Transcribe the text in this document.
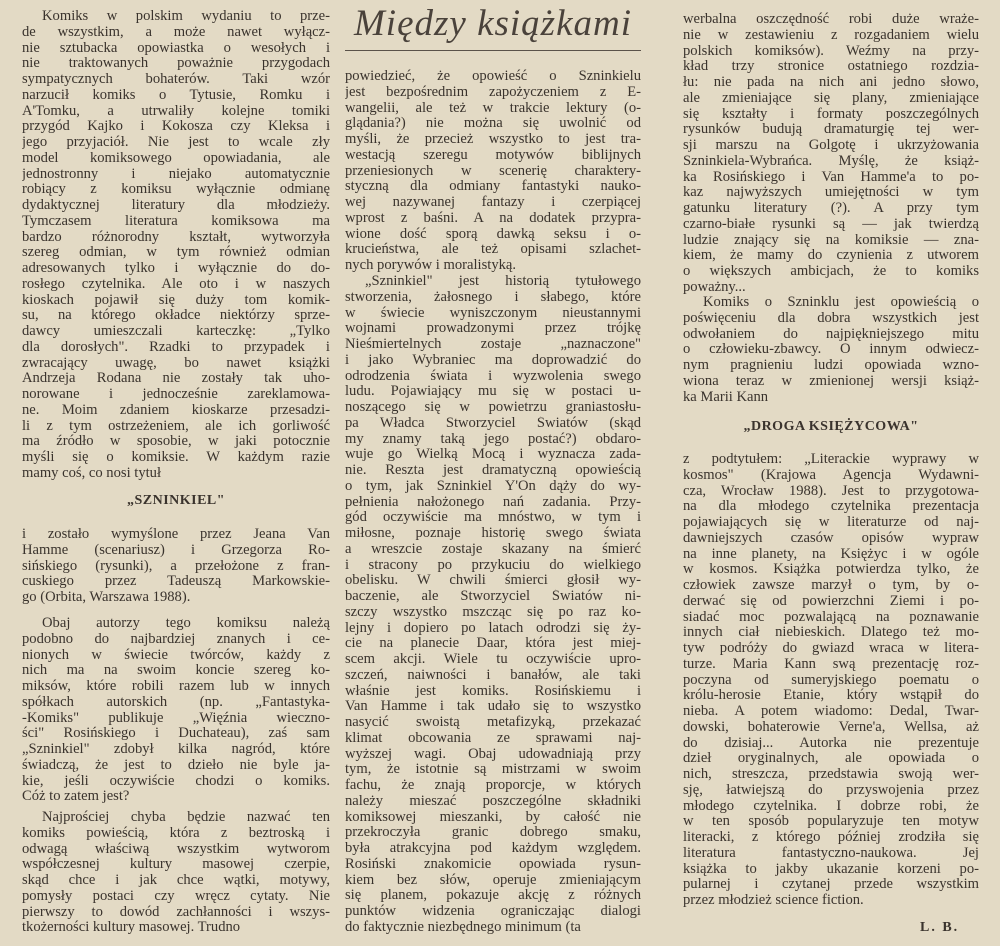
Między książkami
Komiks w polskim wydaniu to prze-
de wszystkim, a może nawet wyłącz-
nie sztubacka opowiastka o wesołych i
nie traktowanych poważnie przygodach
sympatycznych bohaterów. Taki wzór
narzucił komiks o Tytusie, Romku i
A'Tomku, a utrwaliły kolejne tomiki
przygód Kajko i Kokosza czy Kleksa i
jego przyjaciół. Nie jest to wcale zły
model komiksowego opowiadania, ale
jednostronny i niejako automatycznie
robiący z komiksu wyłącznie odmianę
dydaktycznej literatury dla młodzieży.
Tymczasem literatura komiksowa ma
bardzo różnorodny kształt, wytworzyła
szereg odmian, w tym również odmian
adresowanych tylko i wyłącznie do do-
rosłego czytelnika. Ale oto i w naszych
kioskach pojawił się duży tom komik-
su, na którego okładce niektórzy sprze-
dawcy umieszczali karteczkę: „Tylko
dla dorosłych". Rzadki to przypadek i
zwracający uwagę, bo nawet książki
Andrzeja Rodana nie zostały tak uho-
norowane i jednocześnie zareklamowa-
ne. Moim zdaniem kioskarze przesadzi-
li z tym ostrzeżeniem, ale ich gorliwość
ma źródło w sposobie, w jaki potocznie
myśli się o komiksie. W każdym razie
mamy coś, co nosi tytuł
„SZNINKIEL"
i zostało wymyślone przez Jeana Van
Hamme (scenariusz) i Grzegorza Ro-
sińskiego (rysunki), a przełożone z fran-
cuskiego przez Tadeuszą Markowskie-
go (Orbita, Warszawa 1988).
Obaj autorzy tego komiksu należą
podobno do najbardziej znanych i ce-
nionych w świecie twórców, każdy z
nich ma na swoim koncie szereg ko-
miksów, które robili razem lub w innych
spółkach autorskich (np. „Fantastyka-
-Komiks" publikuje „Więźnia wieczno-
ści" Rosińskiego i Duchateau), zaś sam
„Szninkiel" zdobył kilka nagród, które
świadczą, że jest to dzieło nie byle ja-
kie, jeśli oczywiście chodzi o komiks.
Cóż to zatem jest?
Najprościej chyba będzie nazwać ten
komiks powieścią, która z beztroską i
odwagą właściwą wszystkim wytworom
współczesnej kultury masowej czerpie,
skąd chce i jak chce wątki, motywy,
pomysły postaci czy wręcz cytaty. Nie
pierwszy to dowód zachłanności i wszys-
tkożerności kultury masowej. Trudno
powiedzieć, że opowieść o Szninkielu
jest bezpośrednim zapożyczeniem z E-
wangelii, ale też w trakcie lektury (o-
glądania?) nie można się uwolnić od
myśli, że przecież wszystko to jest tra-
westacją szeregu motywów biblijnych
przeniesionych w scenerię charaktery-
styczną dla odmiany fantastyki nauko-
wej nazywanej fantazy i czerpiącej
wprost z baśni. A na dodatek przypra-
wione dość sporą dawką seksu i o-
krucieństwa, ale też opisami szlachet-
nych porywów i moralistyką.
„Szninkiel" jest historią tytułowego
stworzenia, żałosnego i słabego, które
w świecie wyniszczonym nieustannymi
wojnami prowadzonymi przez trójkę
Nieśmiertelnych zostaje „naznaczone"
i jako Wybraniec ma doprowadzić do
odrodzenia świata i wyzwolenia swego
ludu. Pojawiający mu się w postaci u-
noszącego się w powietrzu graniastosłu-
pa Władca Stworzyciel Światów (skąd
my znamy taką jego postać?) obdaro-
wuje go Wielką Mocą i wyznacza zada-
nie. Reszta jest dramatyczną opowieścią
o tym, jak Szninkiel Y'On dąży do wy-
pełnienia nałożonego nań zadania. Przy-
gód oczywiście ma mnóstwo, w tym i
miłosne, poznaje historię swego świata
a wreszcie zostaje skazany na śmierć
i stracony po przykuciu do wielkiego
obelisku. W chwili śmierci głosił wy-
baczenie, ale Stworzyciel Światów ni-
szczy wszystko mszcząc się po raz ko-
lejny i dopiero po latach odrodzi się ży-
cie na planecie Daar, która jest miej-
scem akcji. Wiele tu oczywiście upro-
szczeń, naiwności i banałów, ale taki
właśnie jest komiks. Rosińskiemu i
Van Hamme i tak udało się to wszystko
nasycić swoistą metafizyką, przekazać
klimat obcowania ze sprawami naj-
wyższej wagi. Obaj udowadniają przy
tym, że istotnie są mistrzami w swoim
fachu, że znają proporcje, w których
należy mieszać poszczególne składniki
komiksowej mieszanki, by całość nie
przekroczyła granic dobrego smaku,
była atrakcyjna pod każdym względem.
Rosiński znakomicie opowiada rysun-
kiem bez słów, operuje zmieniającym
się planem, pokazuje akcję z różnych
punktów widzenia ograniczając dialogi
do faktycznie niezbędnego minimum (ta
werbalna oszczędność robi duże wraże-
nie w zestawieniu z rozgadaniem wielu
polskich komiksów). Weźmy na przy-
kład trzy stronice ostatniego rozdzia-
łu: nie pada na nich ani jedno słowo,
ale zmieniające się plany, zmieniające
się kształty i formaty poszczególnych
rysunków budują dramaturgię tej wer-
sji marszu na Golgotę i ukrzyżowania
Szninkiela-Wybrańca. Myślę, że książ-
ka Rosińskiego i Van Hamme'a to po-
kaz najwyższych umiejętności w tym
gatunku literatury (?). A przy tym
czarno-białe rysunki są — jak twierdzą
ludzie znający się na komiksie — zna-
kiem, że mamy do czynienia z utworem
o większych ambicjach, że to komiks
poważny...
Komiks o Szninklu jest opowieścią o
poświęceniu dla dobra wszystkich jest
odwołaniem do najpiękniejszego mitu
o człowieku-zbawcy. O innym odwiecz-
nym pragnieniu ludzi opowiada wzno-
wiona teraz w zmienionej wersji książ-
ka Marii Kann
„DROGA KSIĘŻYCOWA"
z podtytułem: „Literackie wyprawy w
kosmos" (Krajowa Agencja Wydawni-
cza, Wrocław 1988). Jest to przygotowa-
na dla młodego czytelnika prezentacja
pojawiających się w literaturze od naj-
dawniejszych czasów opisów wypraw
na inne planety, na Księżyc i w ogóle
w kosmos. Książka potwierdza tylko, że
człowiek zawsze marzył o tym, by o-
derwać się od powierzchni Ziemi i po-
siadać moc pozwalającą na poznawanie
innych ciał niebieskich. Dlatego też mo-
tyw podróży do gwiazd wraca w litera-
turze. Maria Kann swą prezentację roz-
poczyna od sumeryjskiego poematu o
królu-herosie Etanie, który wstąpił do
nieba. A potem wiadomo: Dedal, Twar-
dowski, bohaterowie Verne'a, Wellsa, aż
do dzisiaj... Autorka nie prezentuje
dzieł oryginalnych, ale opowiada o
nich, streszcza, przedstawia swoją wer-
sję, łatwiejszą do przyswojenia przez
młodego czytelnika. I dobrze robi, że
w ten sposób popularyzuje ten motyw
literacki, z którego później zrodziła się
literatura fantastyczno-naukowa. Jej
książka to jakby ukazanie korzeni po-
pularnej i czytanej przede wszystkim
przez młodzież science fiction.
L. B.
